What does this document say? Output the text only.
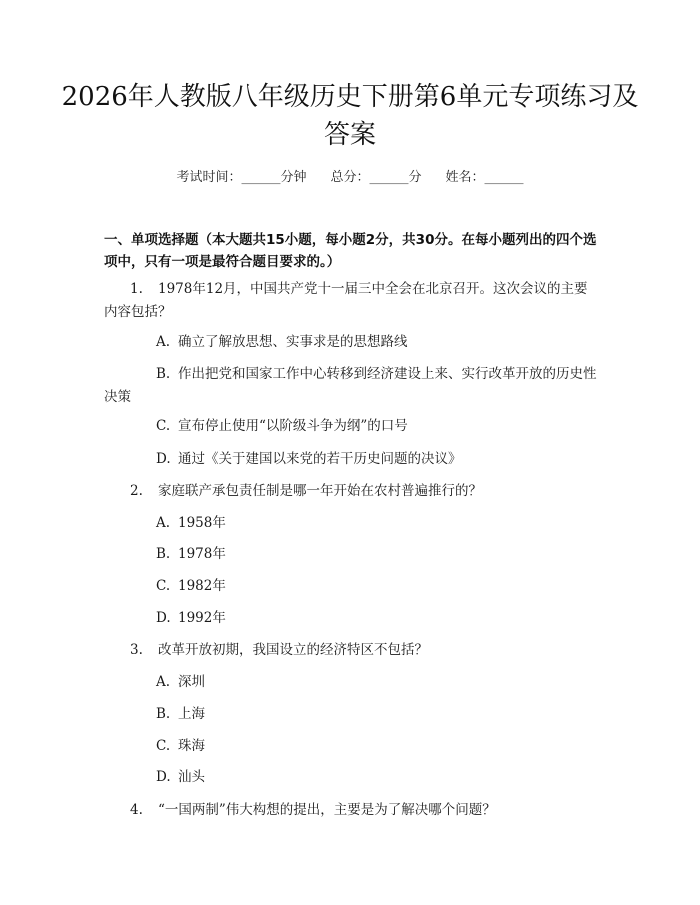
2026年人教版八年级历史下册第6单元专项练习及答案
考试时间：______分钟 总分：______分 姓名：______
一、单项选择题（本大题共15小题，每小题2分，共30分。在每小题列出的四个选项中，只有一项是最符合题目要求的。）
1. 1978年12月，中国共产党十一届三中全会在北京召开。这次会议的主要内容包括？
A. 确立了解放思想、实事求是的思想路线
B. 作出把党和国家工作中心转移到经济建设上来、实行改革开放的历史性决策
C. 宣布停止使用“以阶级斗争为纲”的口号
D. 通过《关于建国以来党的若干历史问题的决议》
2. 家庭联产承包责任制是哪一年开始在农村普遍推行的？
A. 1958年
B. 1978年
C. 1982年
D. 1992年
3. 改革开放初期，我国设立的经济特区不包括？
A. 深圳
B. 上海
C. 珠海
D. 汕头
4. “一国两制”伟大构想的提出，主要是为了解决哪个问题？
